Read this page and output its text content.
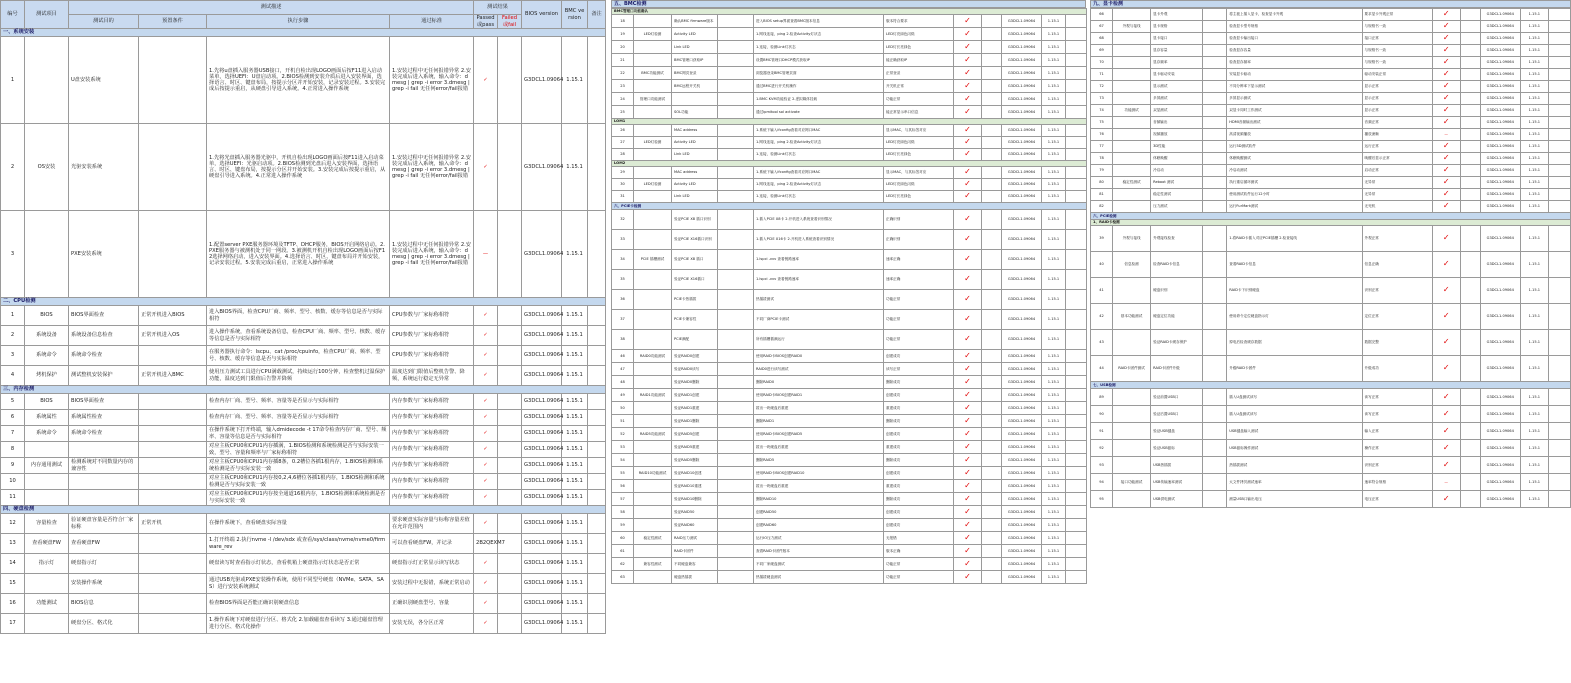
编号	测试项目	测试描述				测试结果		BIOS version	BMC version	备注
		测试目的	预置条件	执行步骤	通过标准	Passed 或pass	Failed 或fail			
一、系统安装										
1		U盘安装系统		1.先将u盘插入服务器USB接口，开机自检出现LOGO画面后按F11进入启动菜单，选择UEFI：U盘启动项。2.BIOS检测到安装介质后进入安装界面，选择语言、时区、键盘布局，按提示分区并开始安装，记录安装过程。3.安装完成后按提示重启，从硬盘引导进入系统。4.正常进入操作系统	1.安装过程中无任何报错异常 2.安装完成后进入系统，输入命令：dmesg | grep -i error 3.dmesg | grep -i fail 无任何error/fail报错	✓		G3DCL1.09064	1.15.1	
2	OS安装	光驱安装系统		1.先将光盘插入服务器光驱中，开机自检出现LOGO画面后按F11进入启动菜单，选择UEFI：光驱启动项。2.BIOS检测到光盘后进入安装界面，选择语言、时区、键盘布局，按提示分区并开始安装。3.安装完成后按提示重启，从硬盘引导进入系统。4.正常进入操作系统	1.安装过程中无任何报错异常 2.安装完成后进入系统，输入命令：dmesg | grep -i error 3.dmesg | grep -i fail 无任何error/fail报错	✓		G3DCL1.09064	1.15.1	
3		PXE安装系统		1.配置server PXE服务器环境及TFTP、DHCP服务，BIOS开启网络启动。2.PXE服务器与被测机处于同一网段。3.被测机开机自检出现LOGO画面后按F12选择网络启动，进入安装界面。4.选择语言、时区、键盘布局并开始安装，记录安装过程。5.安装完成后重启，正常进入操作系统	1.安装过程中无任何报错异常 2.安装完成后进入系统，输入命令：dmesg | grep -i error 3.dmesg | grep -i fail 无任何error/fail报错	—		G3DCL1.09064	1.15.1	
二、CPU检测										
1	BIOS	BIOS界面检查	正常开机进入BIOS	进入BIOS界面，检查CPU厂商、频率、型号、核数、缓存等信息是否与实际相符	CPU参数与厂家标称相符	✓		G3DCL1.09064	1.15.1	
2	系统设备	系统设备信息检查	正常开机进入OS	进入操作系统，查看系统设备信息，检查CPU厂商、频率、型号、核数、缓存等信息是否与实际相符	CPU参数与厂家标称相符	✓		G3DCL1.09064	1.15.1	
3	系统命令	系统命令检查		在服务器执行命令：lscpu、cat /proc/cpuinfo，检查CPU厂商、频率、型号、核数、缓存等信息是否与实际相符	CPU参数与厂家标称相符	✓		G3DCL1.09064	1.15.1	
4	烤机保护	测试整机安装保护	正常开机进入BMC	使用压力测试工具进行CPU满载测试，持续运行100分钟，检查整机过温保护功能，温度达到门限值后告警并降频	温度达到门限值后整机告警、降频，系统运行稳定无异常	✓		G3DCL1.09064	1.15.1	
三、内存检测										
5	BIOS	BIOS界面检查		检查内存厂商、型号、频率、容量等是否显示与实际相符	内存参数与厂家标称相符	✓		G3DCL1.09064	1.15.1	
6	系统属性	系统属性检查		检查内存厂商、型号、频率、容量等是否显示与实际相符	内存参数与厂家标称相符	✓		G3DCL1.09064	1.15.1	
7	系统命令	系统命令检查		在操作系统下打开终端，输入dmidecode -t 17命令检查内存厂商、型号、频率、容量等信息是否与实际相符	内存参数与厂家标称相符	✓		G3DCL1.09064	1.15.1	
8				对应主板CPU0和CPU1内存插满，1.BIOS检测和系统检测是否与实际安装一致，型号、容量和频率与厂家标称相符	内存参数与厂家标称相符	✓		G3DCL1.09064	1.15.1	
9	内存通用测试	检测系统对不同数量内存的兼容性		对应主板CPU0和CPU1内存插8条，0.2槽位各插1根内存，1.BIOS检测和系统检测是否与实际安装一致	内存参数与厂家标称相符	✓		G3DCL1.09064	1.15.1	
10				对应主板CPU0和CPU1内存按0,2,4,6槽位各插1根内存，1.BIOS检测和系统检测是否与实际安装一致	内存参数与厂家标称相符	✓		G3DCL1.09064	1.15.1	
11				对应主板CPU0和CPU1内存按全通道16根内存，1.BIOS检测和系统检测是否与实际安装一致	内存参数与厂家标称相符	✓		G3DCL1.09064	1.15.1	
四、硬盘检测										
12	容量检查	验证硬盘容量是否符合厂家标称	正常开机	在操作系统下，查看硬盘实际容量	要求硬盘实际容量与标称容量差值在允许范围内	✓		G3DCL1.09064	1.15.1	
13	查看硬盘FW	查看硬盘FW		1.打开终端 2.执行nvme -l /dev/sdx 或查看/sys/class/nvme/nvme0/firmware_rev	可以查看硬盘FW，并记录	2B2QEXM7		G3DCL1.09064	1.15.1	
14	指示灯	硬盘指示灯		硬盘读写时查看指示灯状态，查看机箱上硬盘指示灯状态是否正常	硬盘指示灯正常显示读写状态	✓		G3DCL1.09064	1.15.1	
15		安装操作系统		通过USB光驱或PXE安装操作系统，使用不同型号硬盘（NVMe、SATA、SAS）进行安装系统测试	安装过程中无报错，系统正常启动	✓		G3DCL1.09064	1.15.1	
16	功能测试	BIOS信息		检查BIOS界面是否能正确识别硬盘信息	正确识别硬盘型号、容量	✓		G3DCL1.09064	1.15.1	
17		硬盘分区、格式化		1.操作系统下对硬盘进行分区、格式化 2.加载磁盘查看读写 3.通过磁盘管理进行分区、格式化操作	安装无误，各分区正常	✓		G3DCL1.09064	1.15.1	
五、BMC检测
BMC管理口功能确认										
18		确认BMC firmware版本		进入BIOS setup界面查看BMC版本信息	版本符合要求	✓		G3DCL1.09064	1.15.1	
19	LED灯检测	Activity LED		1.网线连接，ping 2.检查Activity灯状态	LED灯亮绿色闪烁	✓		G3DCL1.09064	1.15.1	
20		Link LED		1.连接，检测Link灯状态	LED灯长亮绿色	✓		G3DCL1.09064	1.15.1	
21		BMC管理口获取IP		设置BMC管理口DHCP模式获取IP	能正确获取IP	✓		G3DCL1.09064	1.15.1	
22	BMC功能测试	BMC网页登录		浏览器登录BMC管理页面	正常登录	✓		G3DCL1.09064	1.15.1	
23		BMC远程开关机		通过BMC进行开关机操作	开关机正常	✓		G3DCL1.09064	1.15.1	
24	管理口功能测试			1.BMC KVM功能验证 2.虚拟媒体挂载	功能正常	✓		G3DCL1.09064	1.15.1	
25		SOL功能		通过ipmitool sol activate	能正常显示串口信息	✓		G3DCL1.09064	1.15.1	
LOM1										
26		MAC address		1.系统下输入ifconfig查看对应网口MAC	显示MAC，与其标签对应	✓		G3DCL1.09064	1.15.1	
27	LED灯检测	Activity LED		1.网线连接，ping 2.检查Activity灯状态	LED灯亮绿色闪烁	✓		G3DCL1.09064	1.15.1	
28		Link LED		1.连接，检测Link灯状态	LED灯长亮绿色	✓		G3DCL1.09064	1.15.1	
LOM2										
29		MAC address		1.系统下输入ifconfig查看对应网口MAC	显示MAC，与其标签对应	✓		G3DCL1.09064	1.15.1	
30	LED灯检测	Activity LED		1.网线连接，ping 2.检查Activity灯状态	LED灯亮绿色闪烁	✓		G3DCL1.09064	1.15.1	
31		Link LED		1.连接，检测Link灯状态	LED灯长亮绿色	✓		G3DCL1.09064	1.15.1	
六、PCIE卡检测										
32		验证PCIE X8 插口识别		1.插入PCIE X8卡 2.开机进入系统查看识别情况	正确识别	✓		G3DCL1.09064	1.15.1	
33		验证PCIE X16插口识别		1.插入PCIE X16卡 2.开机进入系统查看识别情况	正确识别	✓		G3DCL1.09064	1.15.1	
34	PCIE 插槽测试	验证PCIE X8 插口		1.lspci -vvv 查看链路速率	速率正确	✓		G3DCL1.09064	1.15.1	
35		验证PCIE X16插口		1.lspci -vvv 查看链路速率	速率正确	✓		G3DCL1.09064	1.15.1	
36		PCIE卡热插拔		热插拔测试	功能正常	✓		G3DCL1.09064	1.15.1	
37		PCIE卡兼容性		不同厂商PCIE卡测试	功能正常	✓		G3DCL1.09064	1.15.1	
38		PCIE满配		所有插槽插满运行	功能正常	✓		G3DCL1.09064	1.15.1	
46	RAID0功能测试	验证RAID0创建		使用RAID卡BIOS创建RAID0	创建成功	✓		G3DCL1.09064	1.15.1	
47		验证RAID0读写		RAID0进行读写测试	读写正常	✓		G3DCL1.09064	1.15.1	
48		验证RAID0删除		删除RAID0	删除成功	✓		G3DCL1.09064	1.15.1	
49	RAID1功能测试	验证RAID1创建		使用RAID卡BIOS创建RAID1	创建成功	✓		G3DCL1.09064	1.15.1	
50		验证RAID1重建		拔出一块硬盘后重建	重建成功	✓		G3DCL1.09064	1.15.1	
51		验证RAID1删除		删除RAID1	删除成功	✓		G3DCL1.09064	1.15.1	
52	RAID5功能测试	验证RAID5创建		使用RAID卡BIOS创建RAID5	创建成功	✓		G3DCL1.09064	1.15.1	
53		验证RAID5重建		拔出一块硬盘后重建	重建成功	✓		G3DCL1.09064	1.15.1	
54		验证RAID5删除		删除RAID5	删除成功	✓		G3DCL1.09064	1.15.1	
55	RAID10功能测试	验证RAID10创建		使用RAID卡BIOS创建RAID10	创建成功	✓		G3DCL1.09064	1.15.1	
56		验证RAID10重建		拔出一块硬盘后重建	重建成功	✓		G3DCL1.09064	1.15.1	
57		验证RAID10删除		删除RAID10	删除成功	✓		G3DCL1.09064	1.15.1	
58		验证RAID50		创建RAID50	创建成功	✓		G3DCL1.09064	1.15.1	
59		验证RAID60		创建RAID60	创建成功	✓		G3DCL1.09064	1.15.1	
60	稳定性测试	RAID压力测试		运行IO压力测试	无报错	✓		G3DCL1.09064	1.15.1	
61		RAID卡固件		查看RAID卡固件版本	版本正确	✓		G3DCL1.09064	1.15.1	
62	兼容性测试	不同硬盘兼容		不同厂家硬盘测试	功能正常	✓		G3DCL1.09064	1.15.1	
63		硬盘热插拔		热插拔硬盘测试	功能正常	✓		G3DCL1.09064	1.15.1	
九、显卡检测
66		显卡外观		将主板上插入显卡，检查显卡外观	要求显卡外观正常	✓		G3DCL1.09064	1.15.1	
67	外观与接线	显卡规格		检查显卡型号规格	与规格书一致	✓		G3DCL1.09064	1.15.1	
68		显卡接口		检查显卡输出接口	接口正常	✓		G3DCL1.09064	1.15.1	
69		显存容量		检查显存容量	与规格书一致	✓		G3DCL1.09064	1.15.1	
70		显存频率		检查显存频率	与规格书一致	✓		G3DCL1.09064	1.15.1	
71		显卡驱动安装		安装显卡驱动	驱动安装正常	✓		G3DCL1.09064	1.15.1	
72		显示测试		不同分辨率下显示测试	显示正常	✓		G3DCL1.09064	1.15.1	
73		多屏测试		多屏显示测试	显示正常	✓		G3DCL1.09064	1.15.1	
74	功能测试	双显测试		双显卡同时工作测试	显示正常	✓		G3DCL1.09064	1.15.1	
75		音频输出		HDMI音频输出测试	音频正常	✓		G3DCL1.09064	1.15.1	
76		视频播放		高清视频播放	播放流畅	—		G3DCL1.09064	1.15.1	
77		3D性能		运行3D测试软件	运行正常	✓		G3DCL1.09064	1.15.1	
78		休眠唤醒		休眠唤醒测试	唤醒后显示正常	✓		G3DCL1.09064	1.15.1	
79		冷启动		冷启动测试	启动正常	✓		G3DCL1.09064	1.15.1	
80	稳定性测试	Reboot 测试		执行重启循环测试	无异常	✓		G3DCL1.09064	1.15.1	
81		稳定性测试		使用测试软件运行12小时	无异常	✓		G3DCL1.09064	1.15.1	
82		压力测试		运行FurMark测试	无死机	✓		G3DCL1.09064	1.15.1	
六、PCIE检测										
1、RAID卡检测										
39	外观与接线	外观接线检查		1.将RAID卡插入对应PCIE插槽 2.检查接线	外观正常	✓		G3DCL1.09064	1.15.1	
40	信息检测	检查RAID卡信息		查看RAID卡信息	信息正确	✓		G3DCL1.09064	1.15.1	
41		硬盘识别		RAID卡下识别硬盘	识别正常	✓		G3DCL1.09064	1.15.1	
42	基本功能测试	硬盘定位功能		使用命令定位硬盘指示灯	定位正常	✓		G3DCL1.09064	1.15.1	
43		验证RAID卡缓存保护		掉电后检查缓存数据	数据完整	✓		G3DCL1.09064	1.15.1	
44	RAID卡固件测试	RAID卡固件升级		升级RAID卡固件	升级成功	✓		G3DCL1.09064	1.15.1	
七、USB检测										
89		验证前置USB口		插入U盘测试读写	读写正常	✓		G3DCL1.09064	1.15.1	
90		验证后置USB口		插入U盘测试读写	读写正常	✓		G3DCL1.09064	1.15.1	
91		验证USB键盘		USB键盘输入测试	输入正常	✓		G3DCL1.09064	1.15.1	
92		验证USB鼠标		USB鼠标操作测试	操作正常	✓		G3DCL1.09064	1.15.1	
93		USB热插拔		热插拔测试	识别正常	✓		G3DCL1.09064	1.15.1	
94	接口功能测试	USB传输速率测试		大文件拷贝测试速率	速率符合规格	—		G3DCL1.09064	1.15.1	
95		USB供电测试		测量USB口输出电压	电压正常	✓		G3DCL1.09064	1.15.1	
